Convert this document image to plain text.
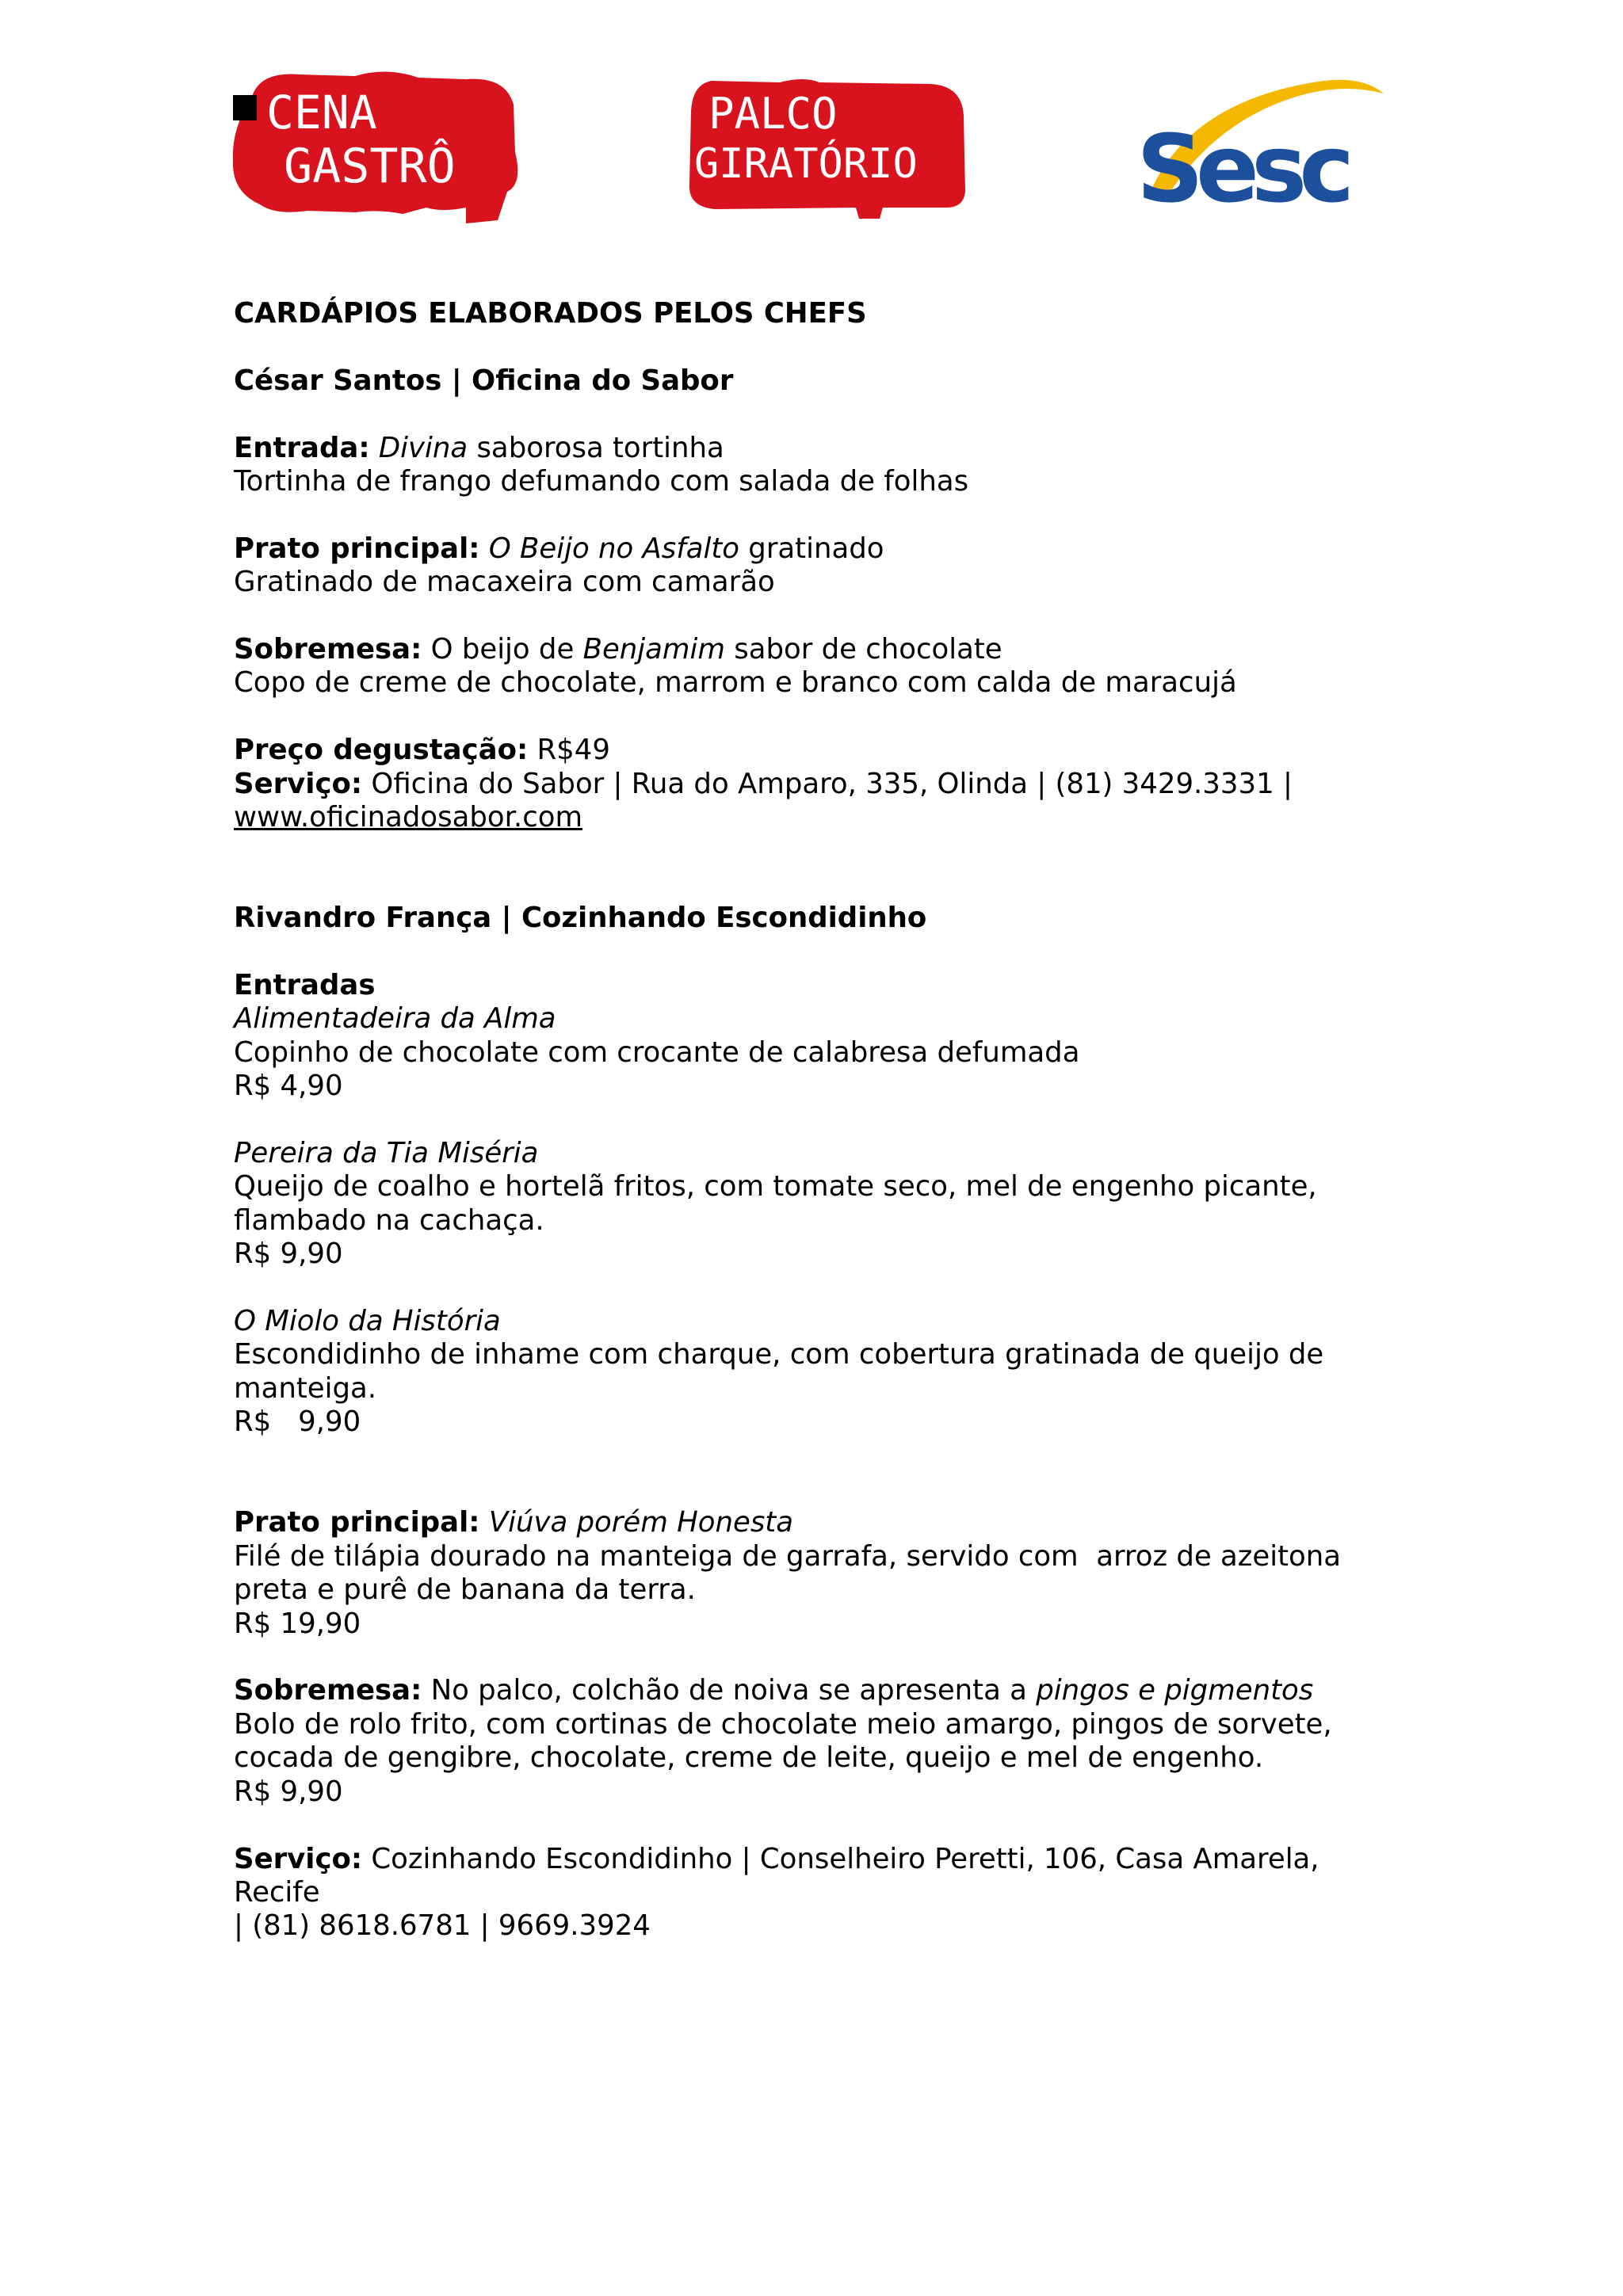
CENA
GASTRÔ
PALCO
GIRATÓRIO Sesc

CARDÁPIOS ELABORADOS PELOS CHEFS

César Santos | Oficina do Sabor

Entrada: Divina saborosa tortinha

Tortinha de frango defumando com salada de folhas

Prato principal: O Beijo no Asfalto gratinado

Gratinado de macaxeira com camarão

Sobremesa: O beijo de Benjamim sabor de chocolate

Copo de creme de chocolate, marrom e branco com calda de maracujá

Preço degustação: R$49

Serviço: Oficina do Sabor | Rua do Amparo, 335, Olinda | (81) 3429.3331 |

www.oficinadosabor.com

Rivandro França | Cozinhando Escondidinho

Entradas

Alimentadeira da Alma

Copinho de chocolate com crocante de calabresa defumada

R$ 4,90

Pereira da Tia Miséria

Queijo de coalho e hortelã fritos, com tomate seco, mel de engenho picante,

flambado na cachaça.

R$ 9,90

O Miolo da História

Escondidinho de inhame com charque, com cobertura gratinada de queijo de

manteiga.

R$   9,90

Prato principal: Viúva porém Honesta

Filé de tilápia dourado na manteiga de garrafa, servido com  arroz de azeitona

preta e purê de banana da terra.

R$ 19,90

Sobremesa: No palco, colchão de noiva se apresenta a pingos e pigmentos

Bolo de rolo frito, com cortinas de chocolate meio amargo, pingos de sorvete,

cocada de gengibre, chocolate, creme de leite, queijo e mel de engenho.

R$ 9,90

Serviço: Cozinhando Escondidinho | Conselheiro Peretti, 106, Casa Amarela, Recife

| (81) 8618.6781 | 9669.3924
